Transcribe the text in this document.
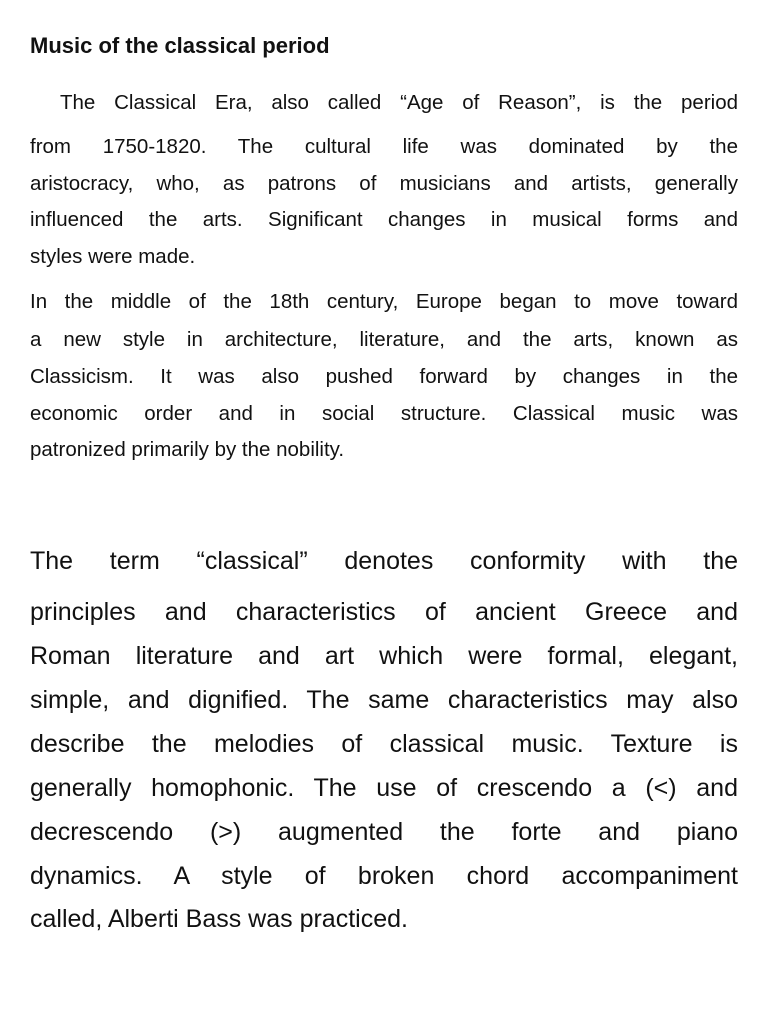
Music of the classical period
The Classical Era, also called “Age of Reason”, is the period
from 1750-1820. The cultural life was dominated by the
aristocracy, who, as patrons of musicians and artists, generally
influenced the arts. Significant changes in musical forms and
styles were made.
In the middle of the 18th century, Europe began to move toward
a new style in architecture, literature, and the arts, known as
Classicism. It was also pushed forward by changes in the
economic order and in social structure. Classical music was
patronized primarily by the nobility.
The term “classical” denotes conformity with the
principles and characteristics of ancient Greece and
Roman literature and art which were formal, elegant,
simple, and dignified. The same characteristics may also
describe the melodies of classical music. Texture is
generally homophonic. The use of crescendo a (<) and
decrescendo (>) augmented the forte and piano
dynamics. A style of broken chord accompaniment
called, Alberti Bass was practiced.
